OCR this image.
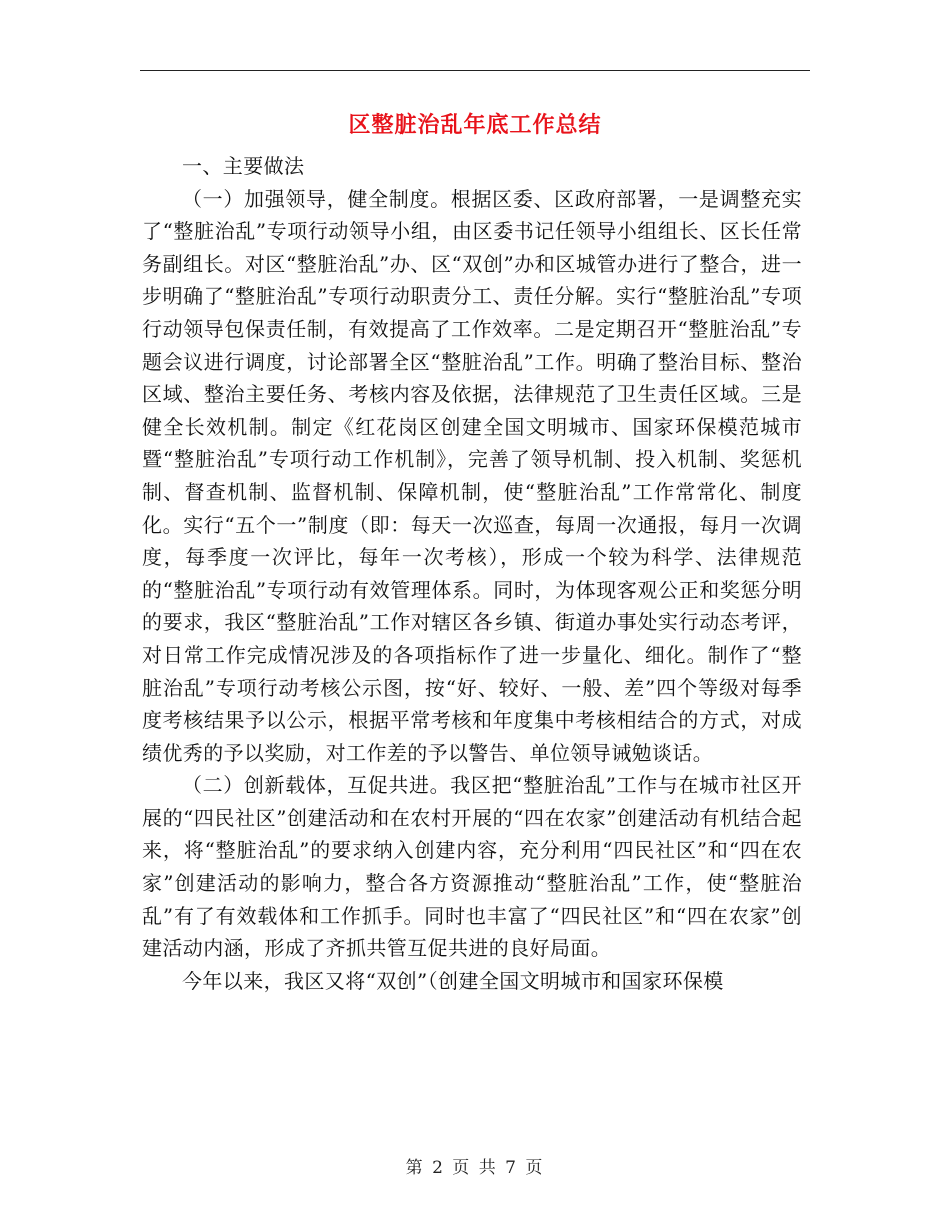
区整脏治乱年底工作总结

一、主要做法

（一）加强领导，健全制度。根据区委、区政府部署，一是调整充实了“整脏治乱”专项行动领导小组，由区委书记任领导小组组长、区长任常务副组长。对区“整脏治乱”办、区“双创”办和区城管办进行了整合，进一步明确了“整脏治乱”专项行动职责分工、责任分解。实行“整脏治乱”专项行动领导包保责任制，有效提高了工作效率。二是定期召开“整脏治乱”专题会议进行调度，讨论部署全区“整脏治乱”工作。明确了整治目标、整治区域、整治主要任务、考核内容及依据，法律规范了卫生责任区域。三是健全长效机制。制定《红花岗区创建全国文明城市、国家环保模范城市暨“整脏治乱”专项行动工作机制》，完善了领导机制、投入机制、奖惩机制、督查机制、监督机制、保障机制，使“整脏治乱”工作常常化、制度化。实行“五个一”制度（即：每天一次巡查，每周一次通报，每月一次调度，每季度一次评比，每年一次考核），形成一个较为科学、法律规范的“整脏治乱”专项行动有效管理体系。同时，为体现客观公正和奖惩分明的要求，我区“整脏治乱”工作对辖区各乡镇、街道办事处实行动态考评，对日常工作完成情况涉及的各项指标作了进一步量化、细化。制作了“整脏治乱”专项行动考核公示图，按“好、较好、一般、差”四个等级对每季度考核结果予以公示，根据平常考核和年度集中考核相结合的方式，对成绩优秀的予以奖励，对工作差的予以警告、单位领导诫勉谈话。

（二）创新载体，互促共进。我区把“整脏治乱”工作与在城市社区开展的“四民社区”创建活动和在农村开展的“四在农家”创建活动有机结合起来，将“整脏治乱”的要求纳入创建内容，充分利用“四民社区”和“四在农家”创建活动的影响力，整合各方资源推动“整脏治乱”工作，使“整脏治乱”有了有效载体和工作抓手。同时也丰富了“四民社区”和“四在农家”创建活动内涵，形成了齐抓共管互促共进的良好局面。

今年以来，我区又将“双创”（创建全国文明城市和国家环保模

第 2 页 共 7 页
